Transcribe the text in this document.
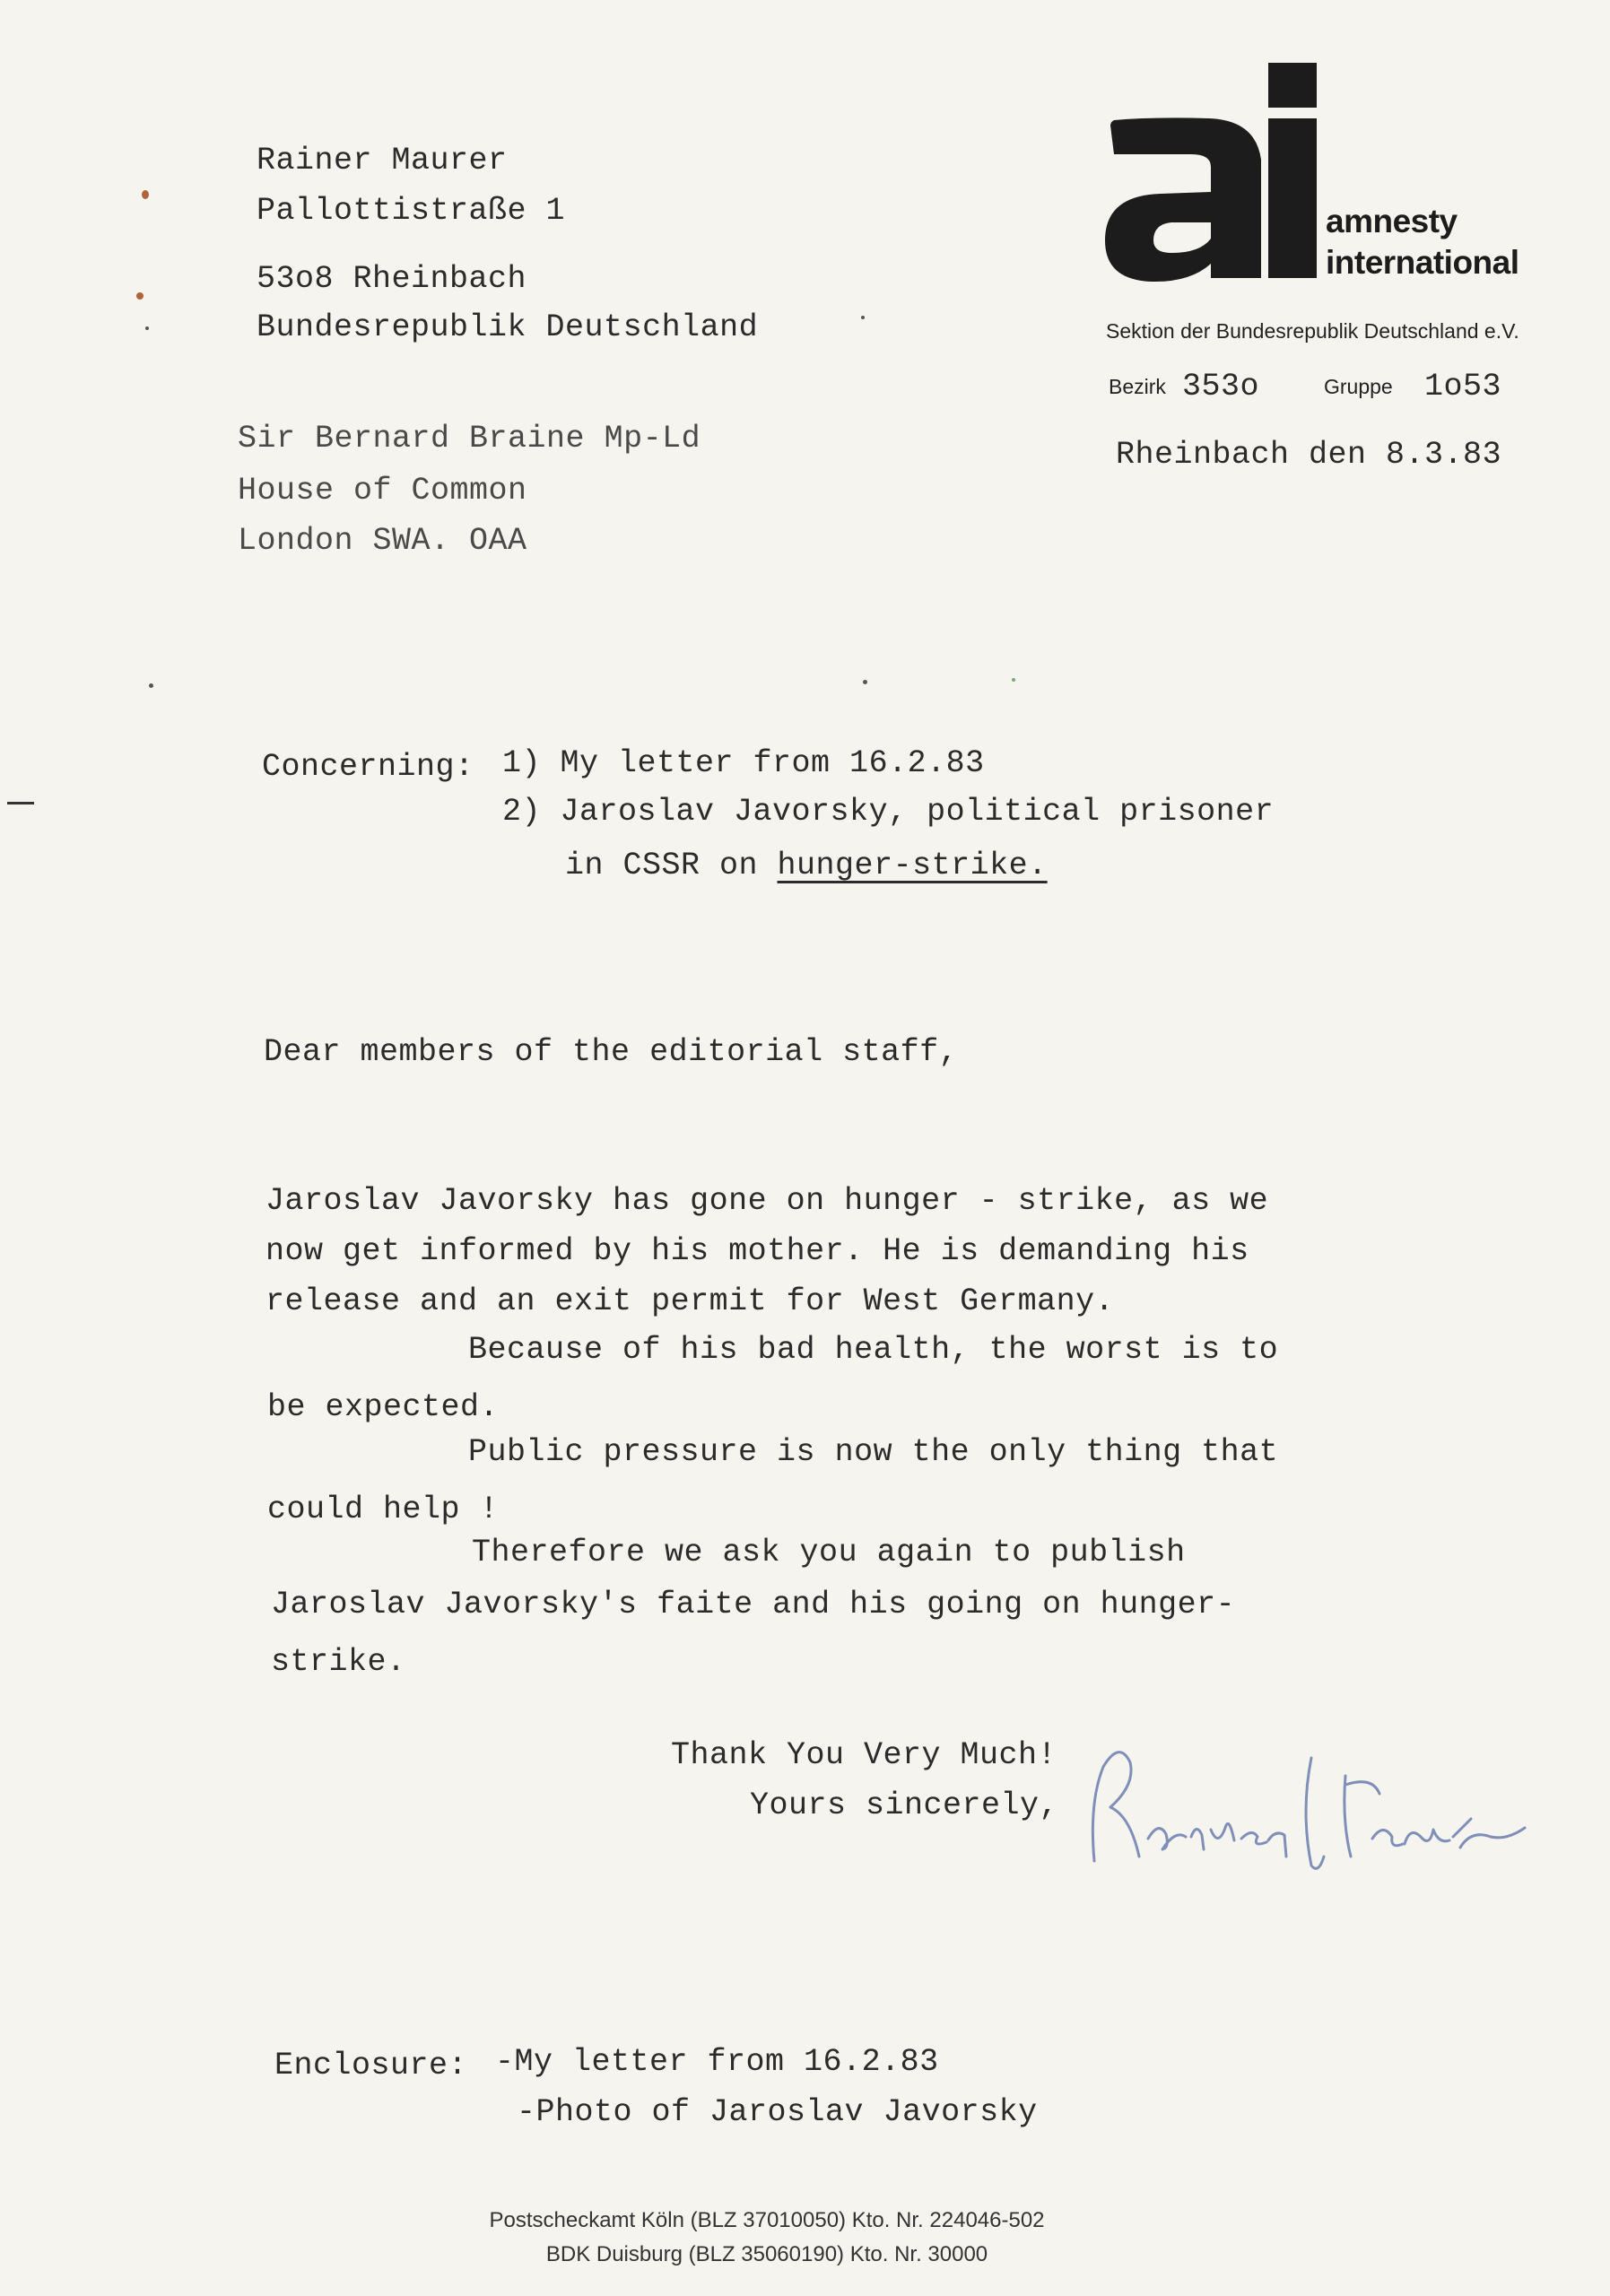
Rainer Maurer
Pallottistraße 1
53o8 Rheinbach
Bundesrepublik Deutschland
amnesty
international
Sektion der Bundesrepublik Deutschland e.V.
Bezirk 353o	Gruppe 1o53
Rheinbach den 8.3.83
Sir Bernard Braine Mp-Ld
House of Common
London SWA. OAA
Concerning: 1) My letter from 16.2.83
2) Jaroslav Javorsky, political prisoner
in CSSR on hunger-strike.
Dear members of the editorial staff,
Jaroslav Javorsky has gone on hunger - strike, as we
now get informed by his mother. He is demanding his
release and an exit permit for West Germany.
Because of his bad health, the worst is to
be expected.
Public pressure is now the only thing that
could help !
Therefore we ask you again to publish
Jaroslav Javorsky's faite and his going on hunger-
strike.
Thank You Very Much!
Yours sincerely,
Enclosure: -My letter from 16.2.83
-Photo of Jaroslav Javorsky
Postscheckamt Köln (BLZ 37010050) Kto. Nr. 224046-502
BDK Duisburg (BLZ 35060190) Kto. Nr. 30000
